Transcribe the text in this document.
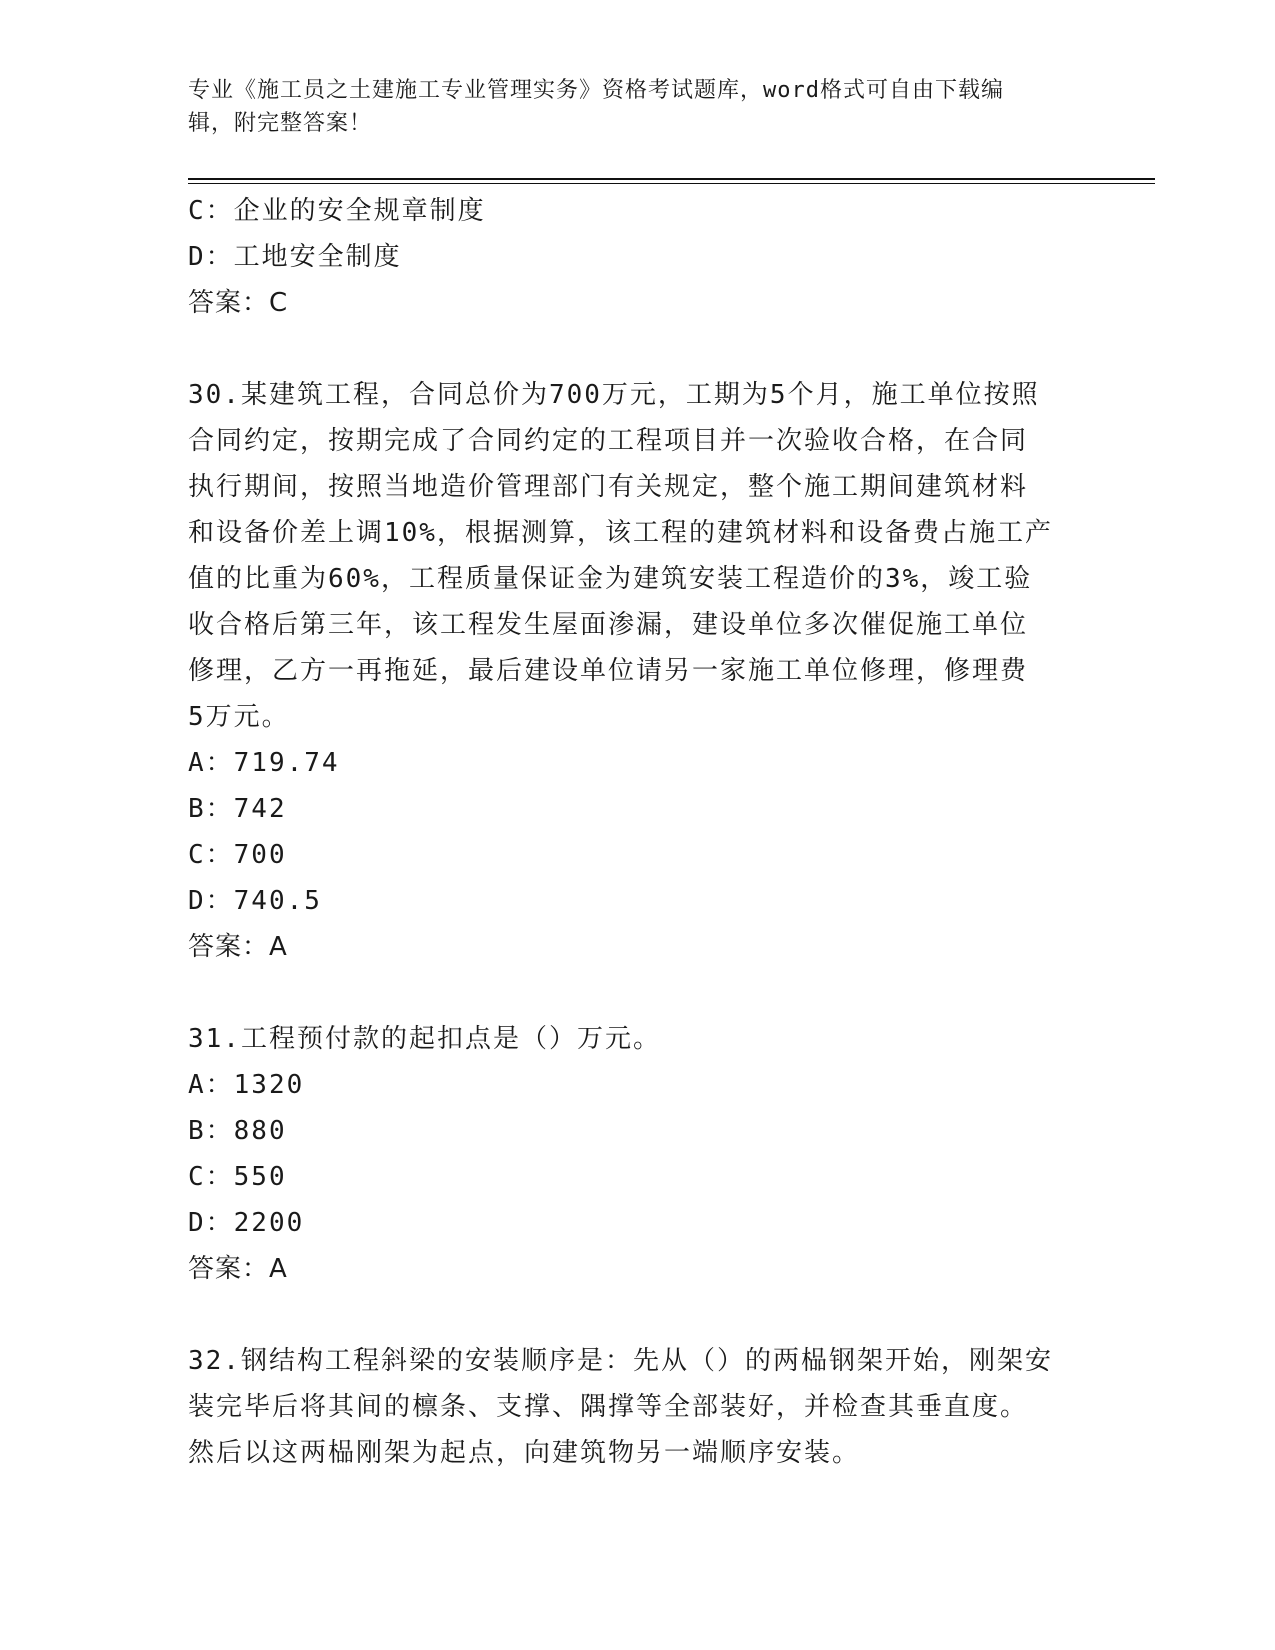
专业《施工员之土建施工专业管理实务》资格考试题库，word格式可自由下载编
辑，附完整答案！
C：企业的安全规章制度
D：工地安全制度
答案：C
30.某建筑工程，合同总价为700万元，工期为5个月，施工单位按照
合同约定，按期完成了合同约定的工程项目并一次验收合格，在合同
执行期间，按照当地造价管理部门有关规定，整个施工期间建筑材料
和设备价差上调10%，根据测算，该工程的建筑材料和设备费占施工产
值的比重为60%，工程质量保证金为建筑安装工程造价的3%，竣工验
收合格后第三年，该工程发生屋面渗漏，建设单位多次催促施工单位
修理，乙方一再拖延，最后建设单位请另一家施工单位修理，修理费
5万元。
A：719.74
B：742
C：700
D：740.5
答案：A
31.工程预付款的起扣点是（）万元。
A：1320
B：880
C：550
D：2200
答案：A
32.钢结构工程斜梁的安装顺序是：先从（）的两榀钢架开始，刚架安
装完毕后将其间的檩条、支撑、隅撑等全部装好，并检查其垂直度。
然后以这两榀刚架为起点，向建筑物另一端顺序安装。
